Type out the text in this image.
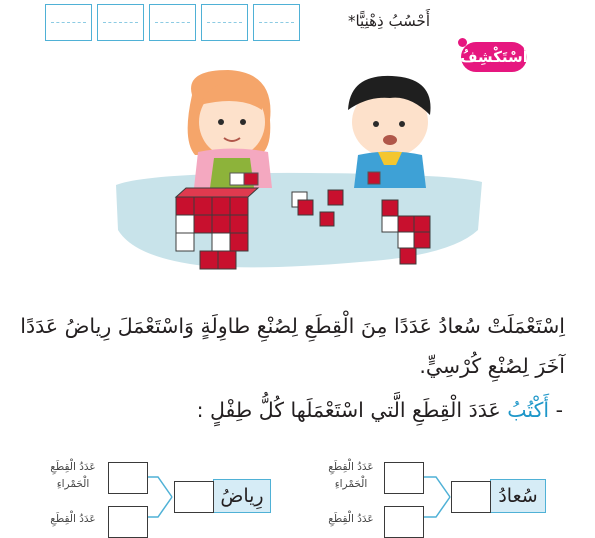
أَحْسُبُ ذِهْنِيًّا*
أَسْتَكْشِفُ
اِسْتَعْمَلَتْ سُعادُ عَدَدًا مِنَ الْقِطَعِ لِصُنْعِ طاوِلَةٍ وَاسْتَعْمَلَ رِياضُ عَدَدًا
آخَرَ لِصُنْعِ كُرْسِيٍّ.
- أَكْتُبُ عَدَدَ الْقِطَعِ الَّتي اسْتَعْمَلَها كُلُّ طِفْلٍ :
سُعادُ
عَدَدُ الْقِطَعِ
الْحَمْراءِ
عَدَدُ الْقِطَعِ
رِياضُ
عَدَدُ الْقِطَعِ
الْحَمْراءِ
عَدَدُ الْقِطَعِ
